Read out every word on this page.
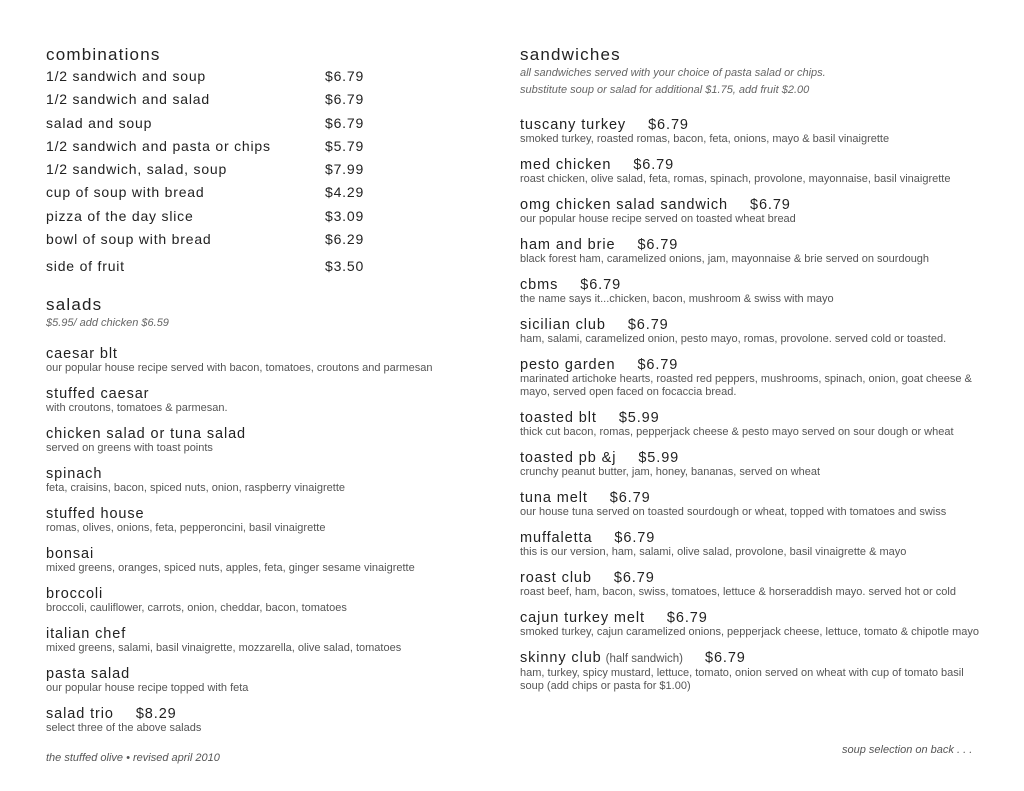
combinations
1/2 sandwich and soup	$6.79
1/2 sandwich and salad	$6.79
salad and soup	$6.79
1/2 sandwich and pasta or chips	$5.79
1/2 sandwich, salad, soup	$7.99
cup of soup with bread	$4.29
pizza of the day slice	$3.09
bowl of soup with bread	$6.29
side of fruit	$3.50
salads
$5.95/ add chicken $6.59
caesar blt
our popular house recipe served with bacon, tomatoes, croutons and parmesan
stuffed caesar
with croutons, tomatoes & parmesan.
chicken salad or tuna salad
served on greens with toast points
spinach
feta, craisins, bacon, spiced nuts, onion, raspberry vinaigrette
stuffed house
romas, olives, onions, feta, pepperoncini, basil vinaigrette
bonsai
mixed greens, oranges, spiced nuts, apples, feta, ginger sesame vinaigrette
broccoli
broccoli, cauliflower, carrots, onion, cheddar, bacon, tomatoes
italian chef
mixed greens, salami, basil vinaigrette, mozzarella, olive salad, tomatoes
pasta salad
our popular house recipe topped with feta
salad trio $8.29
select three of the above salads
sandwiches
all sandwiches served with your choice of pasta salad or chips.
substitute soup or salad for additional $1.75, add fruit $2.00
tuscany turkey $6.79
smoked turkey, roasted romas, bacon, feta, onions, mayo & basil vinaigrette
med chicken $6.79
roast chicken, olive salad, feta, romas, spinach, provolone, mayonnaise, basil vinaigrette
omg chicken salad sandwich $6.79
our popular house recipe served on toasted wheat bread
ham and brie $6.79
black forest ham, caramelized onions, jam, mayonnaise & brie served on sourdough
cbms $6.79
the name says it...chicken, bacon, mushroom & swiss with mayo
sicilian club $6.79
ham, salami, caramelized onion, pesto mayo, romas, provolone. served cold or toasted.
pesto garden $6.79
marinated artichoke hearts, roasted red peppers, mushrooms, spinach, onion, goat cheese & mayo, served open faced on focaccia bread.
toasted blt $5.99
thick cut bacon, romas, pepperjack cheese & pesto mayo served on sour dough or wheat
toasted pb &j $5.99
crunchy peanut butter, jam, honey, bananas, served on wheat
tuna melt $6.79
our house tuna served on toasted sourdough or wheat, topped with tomatoes and swiss
muffaletta $6.79
this is our version, ham, salami, olive salad, provolone, basil vinaigrette & mayo
roast club $6.79
roast beef, ham, bacon, swiss, tomatoes, lettuce & horseraddish mayo. served hot or cold
cajun turkey melt $6.79
smoked turkey, cajun caramelized onions, pepperjack cheese, lettuce, tomato & chipotle mayo
skinny club (half sandwich) $6.79
ham, turkey, spicy mustard, lettuce, tomato, onion served on wheat with cup of tomato basil soup (add chips or pasta for $1.00)
the stuffed olive • revised april 2010
soup selection on back . . .
